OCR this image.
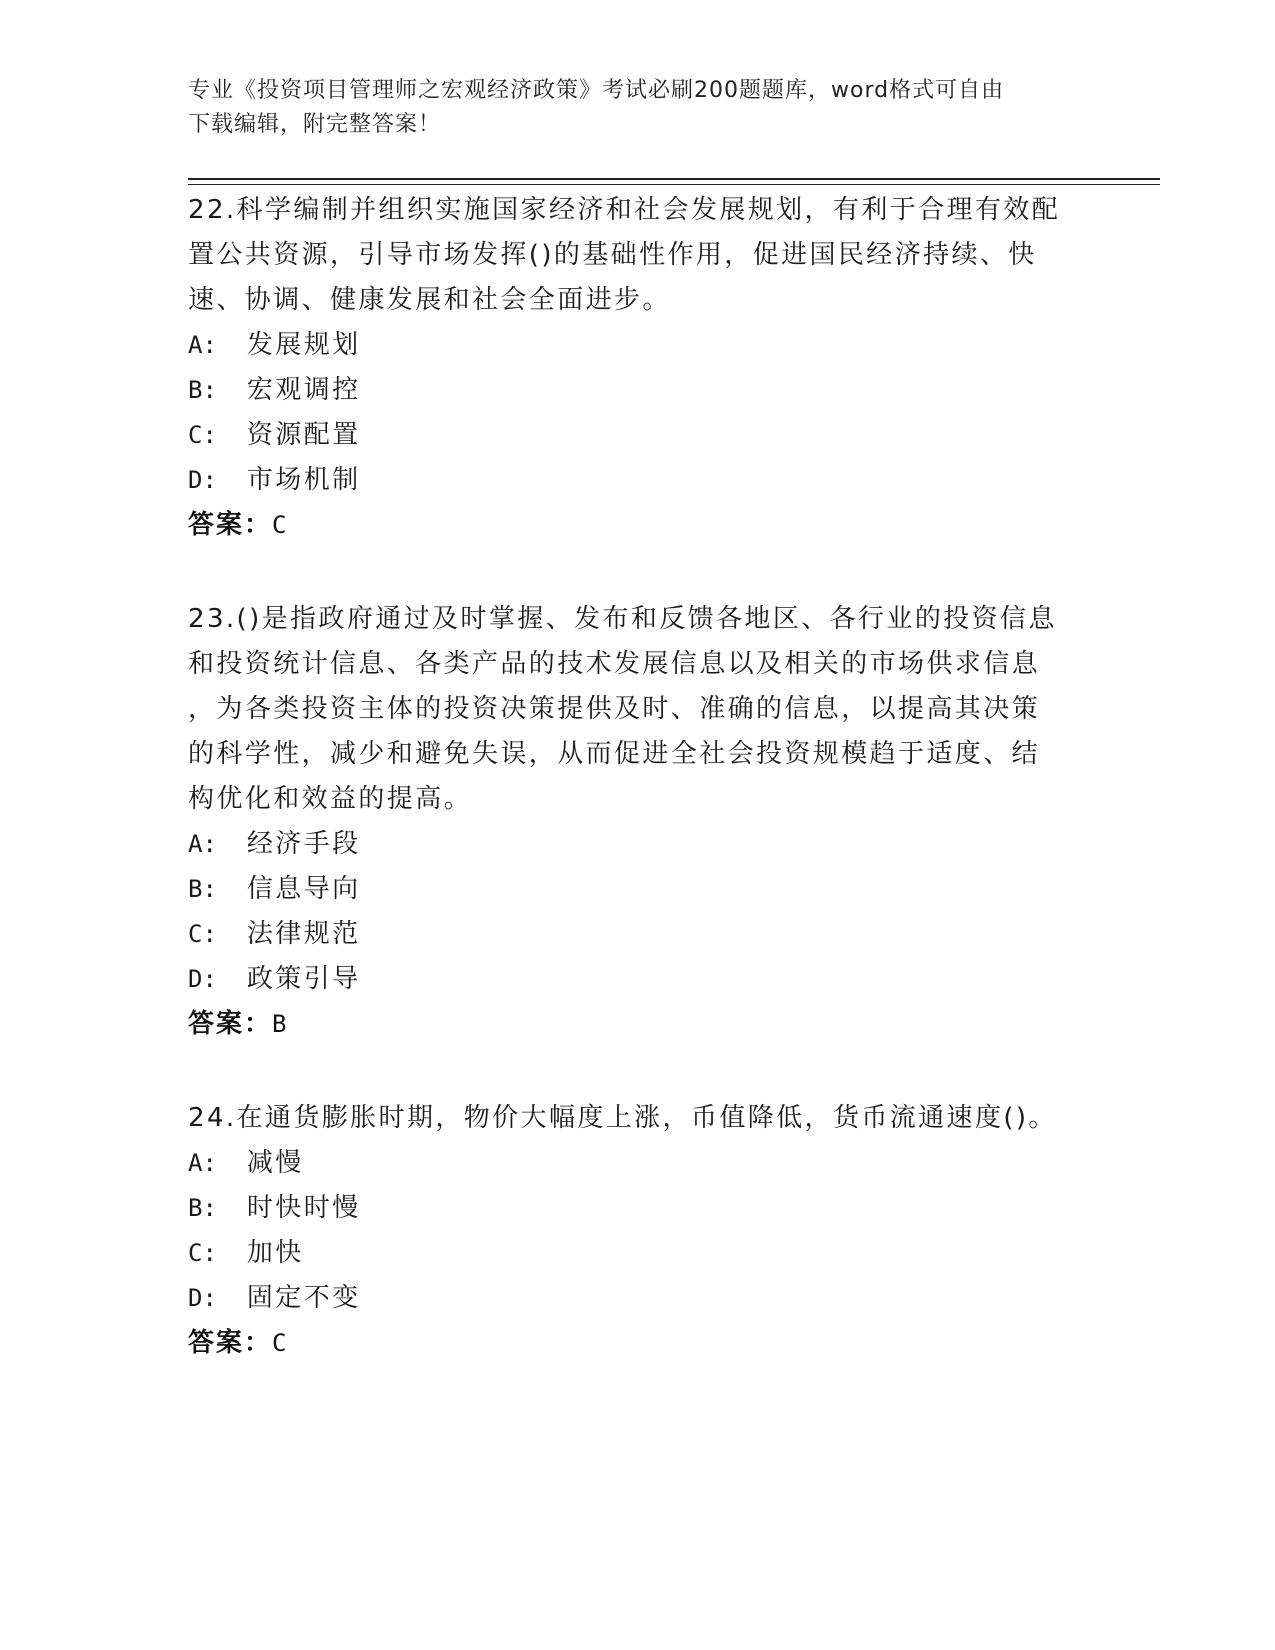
专业《投资项目管理师之宏观经济政策》考试必刷200题题库，word格式可自由
下载编辑，附完整答案！
22.科学编制并组织实施国家经济和社会发展规划，有利于合理有效配
置公共资源，引导市场发挥()的基础性作用，促进国民经济持续、快
速、协调、健康发展和社会全面进步。
A: 发展规划
B: 宏观调控
C: 资源配置
D: 市场机制
答案：C
23.()是指政府通过及时掌握、发布和反馈各地区、各行业的投资信息
和投资统计信息、各类产品的技术发展信息以及相关的市场供求信息
，为各类投资主体的投资决策提供及时、准确的信息，以提高其决策
的科学性，减少和避免失误，从而促进全社会投资规模趋于适度、结
构优化和效益的提高。
A: 经济手段
B: 信息导向
C: 法律规范
D: 政策引导
答案：B
24.在通货膨胀时期，物价大幅度上涨，币值降低，货币流通速度()。
A: 减慢
B: 时快时慢
C: 加快
D: 固定不变
答案：C
